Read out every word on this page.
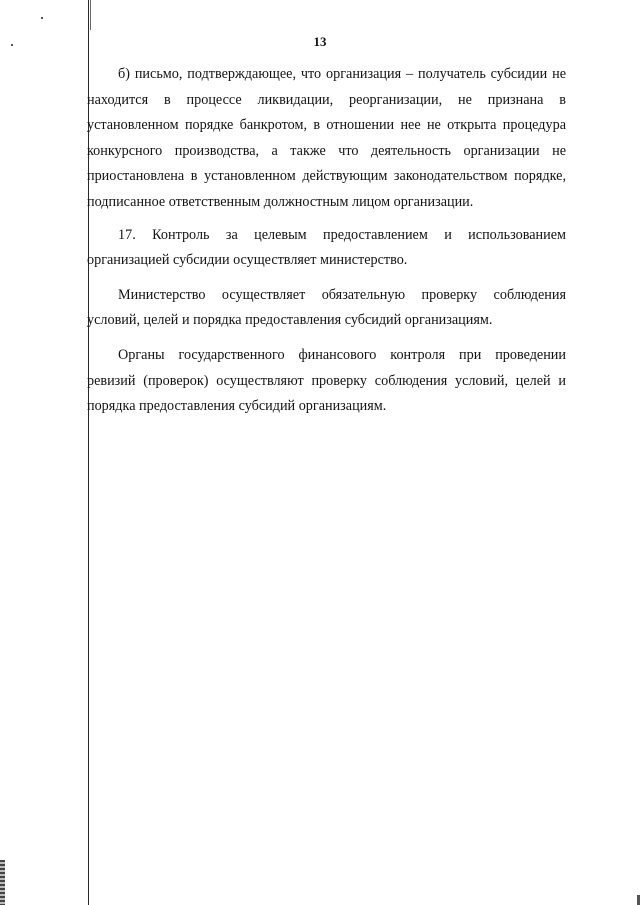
13

б) письмо, подтверждающее, что организация – получатель субсидии не находится в процессе ликвидации, реорганизации, не признана в установленном порядке банкротом, в отношении нее не открыта процедура конкурсного производства, а также что деятельность организации не приостановлена в установленном действующим законодательством порядке, подписанное ответственным должностным лицом организации.

17. Контроль за целевым предоставлением и использованием организацией субсидии осуществляет министерство.

Министерство осуществляет обязательную проверку соблюдения условий, целей и порядка предоставления субсидий организациям.

Органы государственного финансового контроля при проведении ревизий (проверок) осуществляют проверку соблюдения условий, целей и порядка предоставления субсидий организациям.
